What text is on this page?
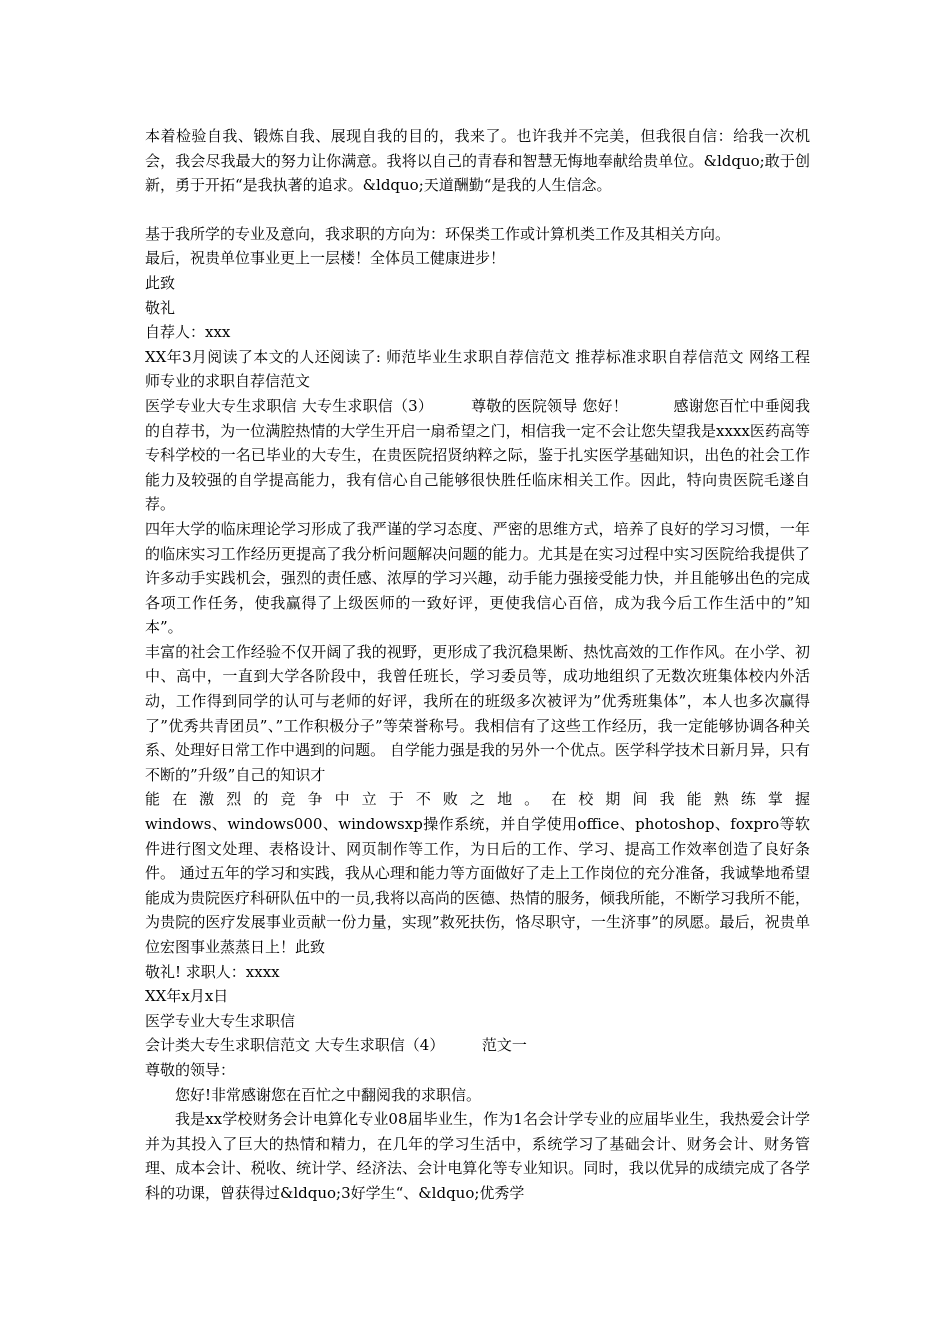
本着检验自我、锻炼自我、展现自我的目的，我来了。也许我并不完美，但我很自信：给我一次机会，我会尽我最大的努力让你满意。我将以自己的青春和智慧无悔地奉献给贵单位。&ldquo;敢于创新，勇于开拓“是我执著的追求。&ldquo;天道酬勤“是我的人生信念。

基于我所学的专业及意向，我求职的方向为：环保类工作或计算机类工作及其相关方向。

最后，祝贵单位事业更上一层楼！全体员工健康进步！

此致

敬礼

自荐人：xxx

XX年3月阅读了本文的人还阅读了: 师范毕业生求职自荐信范文 推荐标准求职自荐信范文 网络工程师专业的求职自荐信范文

医学专业大专生求职信 大专生求职信（3）　　　尊敬的医院领导 您好！　　　感谢您百忙中垂阅我的自荐书，为一位满腔热情的大学生开启一扇希望之门，相信我一定不会让您失望我是xxxx医药高等专科学校的一名已毕业的大专生，在贵医院招贤纳粹之际，鉴于扎实医学基础知识，出色的社会工作能力及较强的自学提高能力，我有信心自己能够很快胜任临床相关工作。因此，特向贵医院毛遂自荐。

四年大学的临床理论学习形成了我严谨的学习态度、严密的思维方式，培养了良好的学习习惯，一年的临床实习工作经历更提高了我分析问题解决问题的能力。尤其是在实习过程中实习医院给我提供了许多动手实践机会，强烈的责任感、浓厚的学习兴趣，动手能力强接受能力快，并且能够出色的完成各项工作任务，使我赢得了上级医师的一致好评，更使我信心百倍，成为我今后工作生活中的”知本”。

丰富的社会工作经验不仅开阔了我的视野，更形成了我沉稳果断、热忱高效的工作作风。在小学、初中、高中，一直到大学各阶段中，我曾任班长，学习委员等，成功地组织了无数次班集体校内外活动，工作得到同学的认可与老师的好评，我所在的班级多次被评为”优秀班集体”，本人也多次赢得了”优秀共青团员”、”工作积极分子”等荣誉称号。我相信有了这些工作经历，我一定能够协调各种关系、处理好日常工作中遇到的问题。 自学能力强是我的另外一个优点。医学科学技术日新月异，只有不断的”升级”自己的知识才

能在激烈的竞争中立于不败之地。在校期间我能熟练掌握

windows、windows000、windowsxp操作系统，并自学使用office、photoshop、foxpro等软件进行图文处理、表格设计、网页制作等工作，为日后的工作、学习、提高工作效率创造了良好条件。 通过五年的学习和实践，我从心理和能力等方面做好了走上工作岗位的充分准备，我诚挚地希望能成为贵院医疗科研队伍中的一员,我将以高尚的医德、热情的服务，倾我所能，不断学习我所不能，为贵院的医疗发展事业贡献一份力量，实现”救死扶伤，恪尽职守，一生济事”的夙愿。最后，祝贵单位宏图事业蒸蒸日上！此致

敬礼! 求职人：xxxx

XX年x月x日

医学专业大专生求职信

会计类大专生求职信范文 大专生求职信（4）　　　范文一

尊敬的领导：

您好!非常感谢您在百忙之中翻阅我的求职信。

我是xx学校财务会计电算化专业08届毕业生，作为1名会计学专业的应届毕业生，我热爱会计学并为其投入了巨大的热情和精力，在几年的学习生活中，系统学习了基础会计、财务会计、财务管理、成本会计、税收、统计学、经济法、会计电算化等专业知识。同时，我以优异的成绩完成了各学科的功课，曾获得过&ldquo;3好学生“、&ldquo;优秀学
